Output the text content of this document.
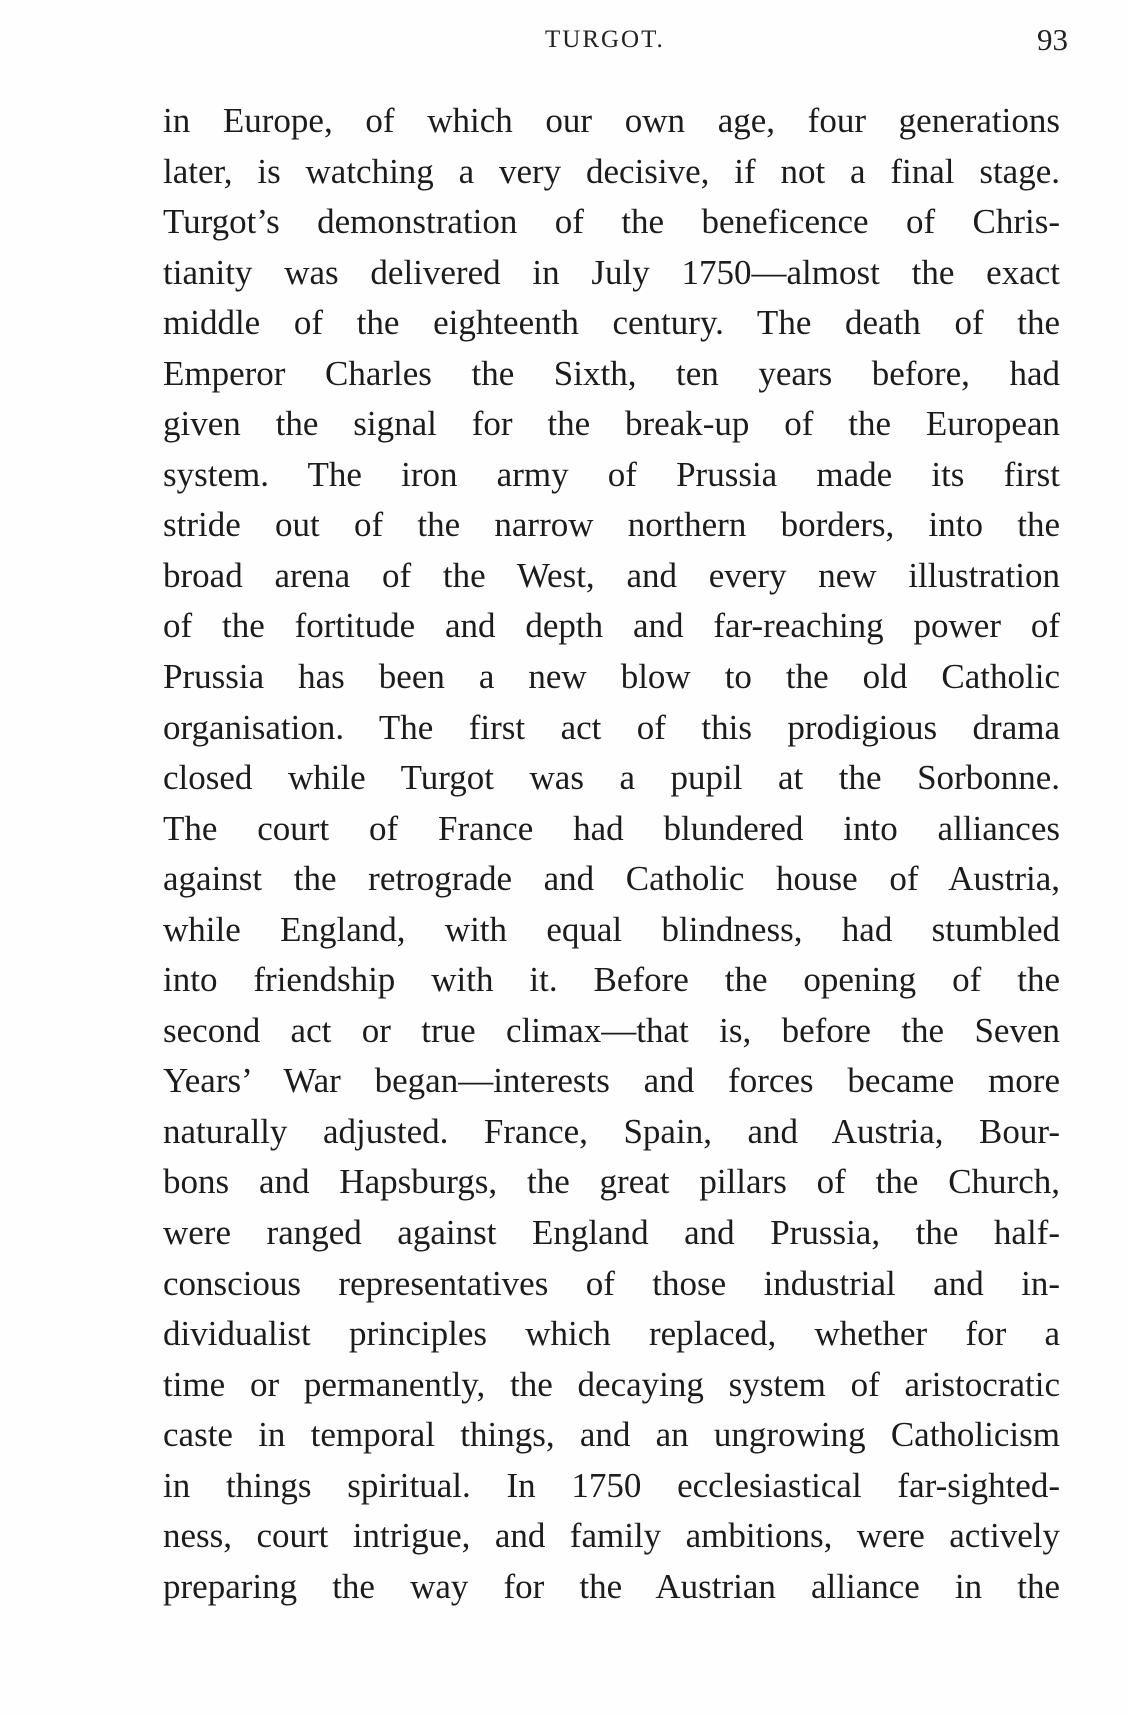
TURGOT.	93
in Europe, of which our own age, four generations
later, is watching a very decisive, if not a final stage.
Turgot’s demonstration of the beneficence of Chris-
tianity was delivered in July 1750—almost the exact
middle of the eighteenth century. The death of the
Emperor Charles the Sixth, ten years before, had
given the signal for the break-up of the European
system. The iron army of Prussia made its first
stride out of the narrow northern borders, into the
broad arena of the West, and every new illustration
of the fortitude and depth and far-reaching power of
Prussia has been a new blow to the old Catholic
organisation. The first act of this prodigious drama
closed while Turgot was a pupil at the Sorbonne.
The court of France had blundered into alliances
against the retrograde and Catholic house of Austria,
while England, with equal blindness, had stumbled
into friendship with it. Before the opening of the
second act or true climax—that is, before the Seven
Years’ War began—interests and forces became more
naturally adjusted. France, Spain, and Austria, Bour-
bons and Hapsburgs, the great pillars of the Church,
were ranged against England and Prussia, the half-
conscious representatives of those industrial and in-
dividualist principles which replaced, whether for a
time or permanently, the decaying system of aristocratic
caste in temporal things, and an ungrowing Catholicism
in things spiritual. In 1750 ecclesiastical far-sighted-
ness, court intrigue, and family ambitions, were actively
preparing the way for the Austrian alliance in the
